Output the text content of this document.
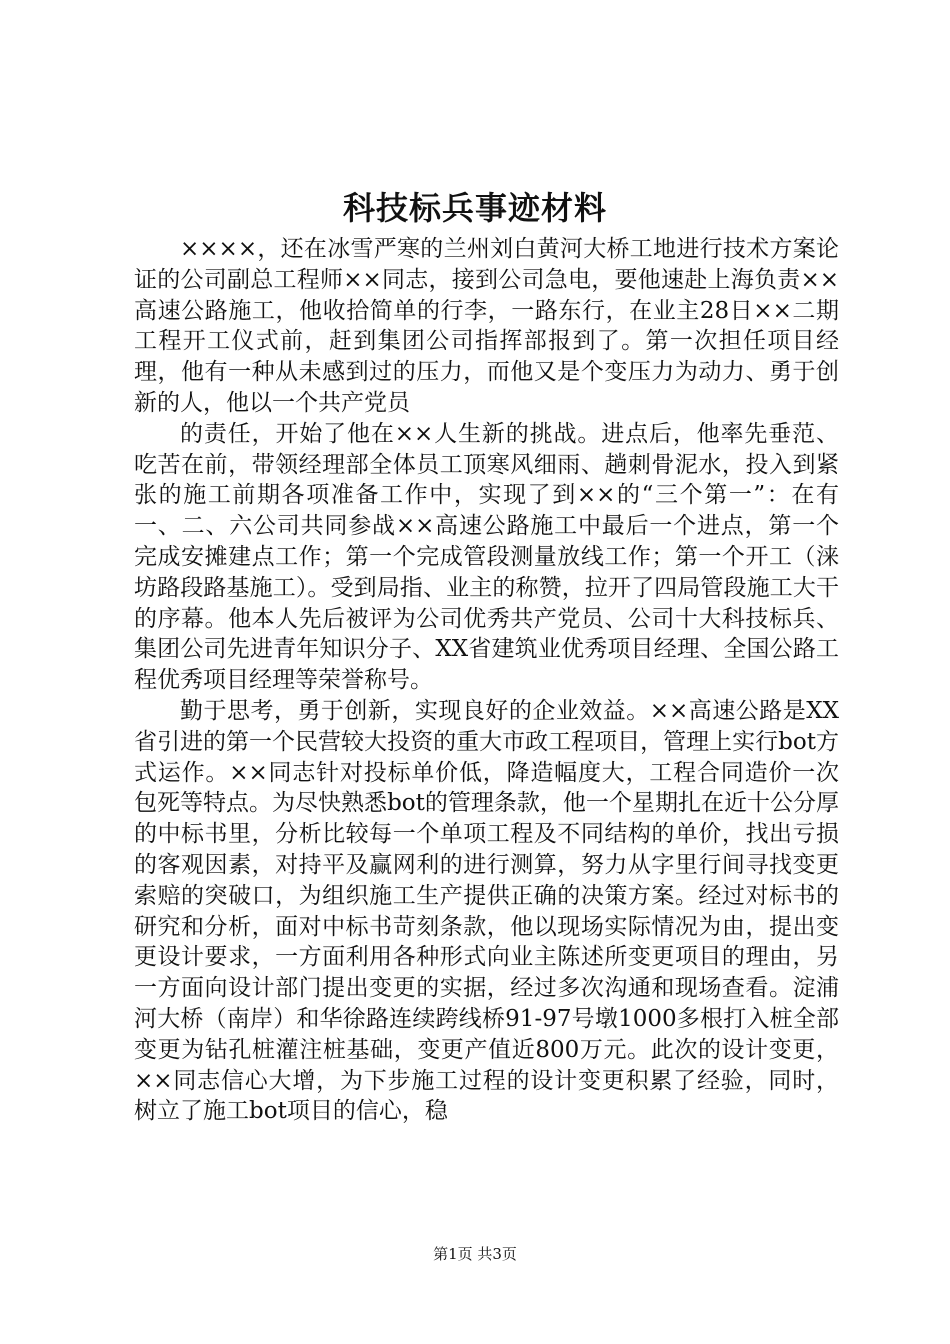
科技标兵事迹材料

××××，还在冰雪严寒的兰州刘白黄河大桥工地进行技术方案论证的公司副总工程师××同志，接到公司急电，要他速赴上海负责××高速公路施工，他收拾简单的行李，一路东行，在业主28日××二期工程开工仪式前，赶到集团公司指挥部报到了。第一次担任项目经理，他有一种从未感到过的压力，而他又是个变压力为动力、勇于创新的人，他以一个共产党员

的责任，开始了他在××人生新的挑战。进点后，他率先垂范、吃苦在前，带领经理部全体员工顶寒风细雨、趟刺骨泥水，投入到紧张的施工前期各项准备工作中，实现了到××的“三个第一”：在有一、二、六公司共同参战××高速公路施工中最后一个进点，第一个完成安摊建点工作；第一个完成管段测量放线工作；第一个开工（涞坊路段路基施工）。受到局指、业主的称赞，拉开了四局管段施工大干的序幕。他本人先后被评为公司优秀共产党员、公司十大科技标兵、集团公司先进青年知识分子、XX省建筑业优秀项目经理、全国公路工程优秀项目经理等荣誉称号。

勤于思考，勇于创新，实现良好的企业效益。××高速公路是XX省引进的第一个民营较大投资的重大市政工程项目，管理上实行bot方式运作。××同志针对投标单价低，降造幅度大，工程合同造价一次包死等特点。为尽快熟悉bot的管理条款，他一个星期扎在近十公分厚的中标书里，分析比较每一个单项工程及不同结构的单价，找出亏损的客观因素，对持平及赢网利的进行测算，努力从字里行间寻找变更索赔的突破口，为组织施工生产提供正确的决策方案。经过对标书的研究和分析，面对中标书苛刻条款，他以现场实际情况为由，提出变更设计要求，一方面利用各种形式向业主陈述所变更项目的理由，另一方面向设计部门提出变更的实据，经过多次沟通和现场查看。淀浦河大桥（南岸）和华徐路连续跨线桥91-97号墩1000多根打入桩全部变更为钻孔桩灌注桩基础，变更产值近800万元。此次的设计变更，××同志信心大增，为下步施工过程的设计变更积累了经验，同时，树立了施工bot项目的信心，稳

第1页 共3页
